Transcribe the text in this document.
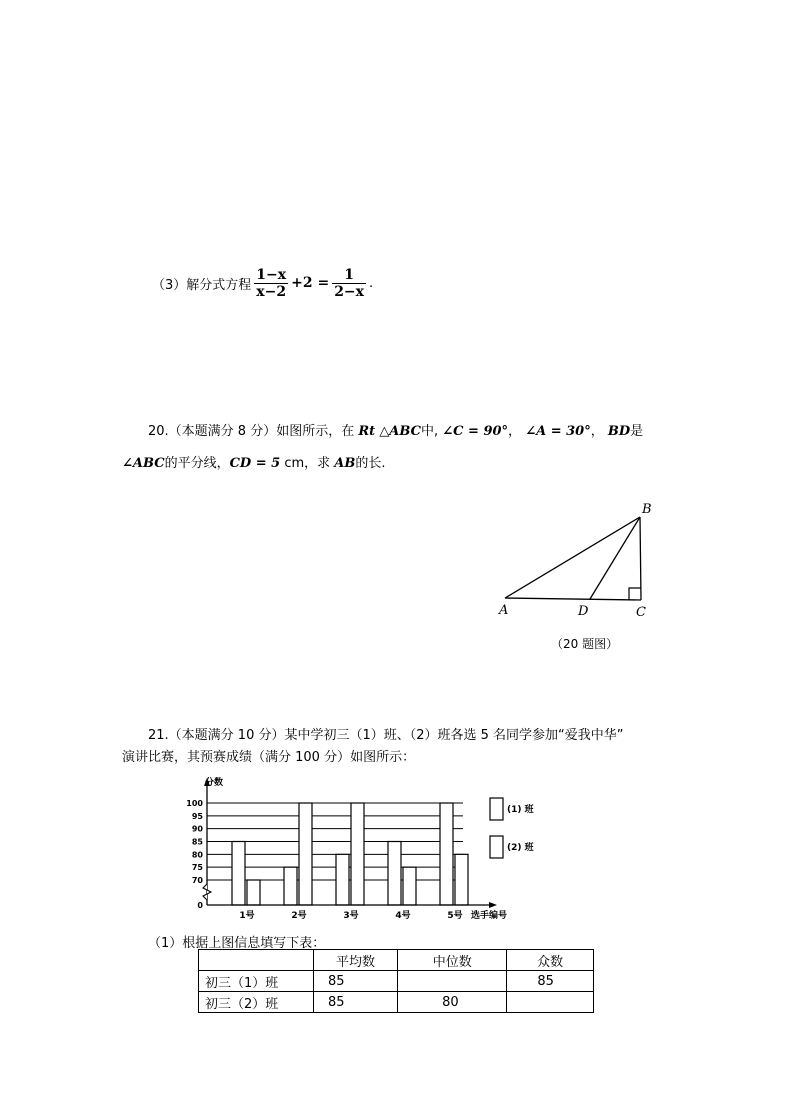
（3）解分式方程 $\frac{1-x}{x-2} +2 = \frac{1}{2-x}$ .
20.（本题满分 8 分）如图所示，在 Rt △ABC中, ∠C = 90°， ∠A = 30°， BD是
∠ABC的平分线，CD = 5 cm，求 AB的长.
B
A	D	C
（20 题图）
21.（本题满分 10 分）某中学初三（1）班、（2）班各选 5 名同学参加“爱我中华”
演讲比赛，其预赛成绩（满分 100 分）如图所示：
70
75
80
85
90
95
100
0
1号	2号	3号	4号	5号
分数
选手编号
(1) 班
(2) 班
（1）根据上图信息填写下表：
	平均数	中位数	众数
初三（1）班	85		85
初三（2）班	85	80	
